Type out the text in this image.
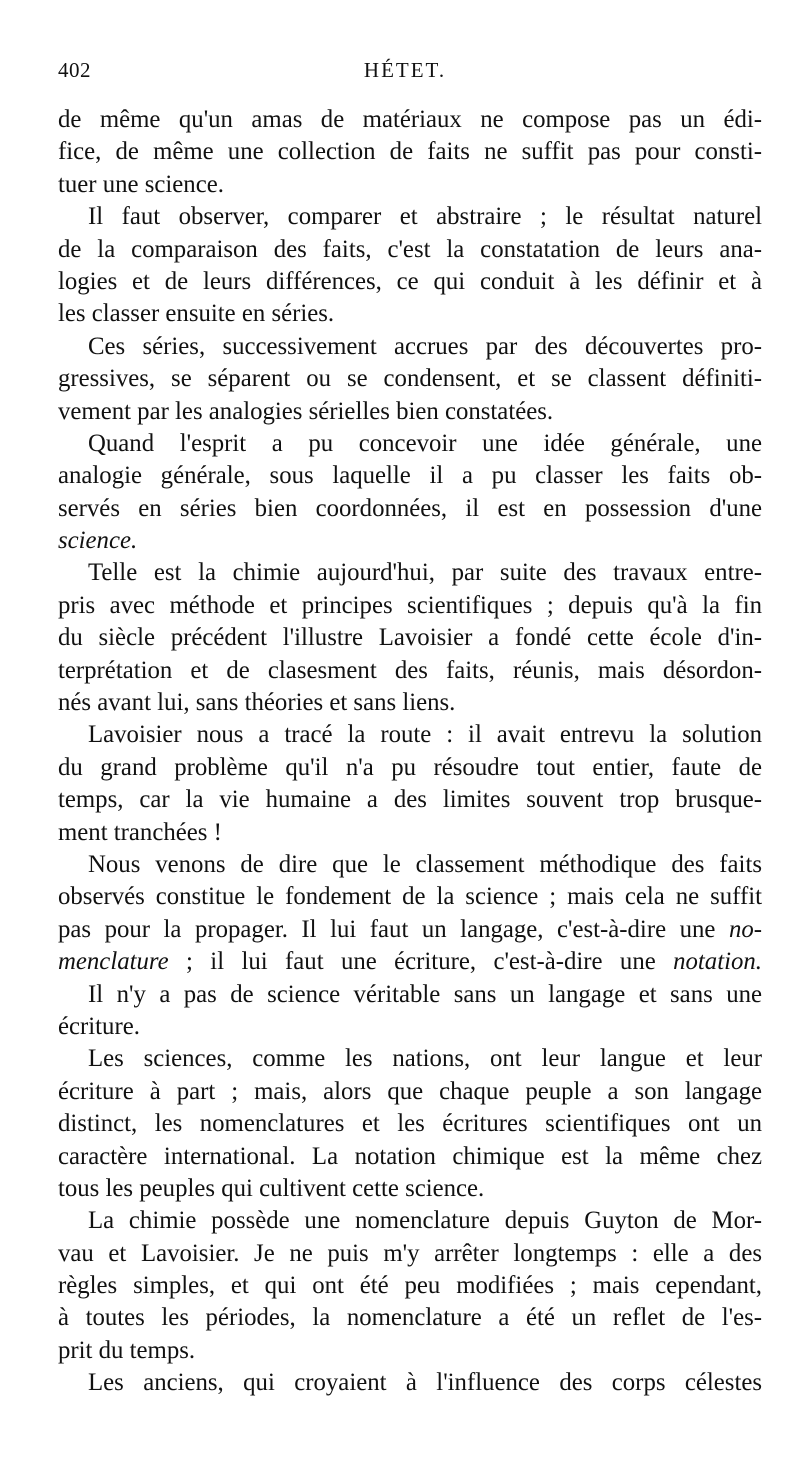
402	HÉTET.
de même qu'un amas de matériaux ne compose pas un édi-
fice, de même une collection de faits ne suffit pas pour consti-
tuer une science.
Il faut observer, comparer et abstraire ; le résultat naturel
de la comparaison des faits, c'est la constatation de leurs ana-
logies et de leurs différences, ce qui conduit à les définir et à
les classer ensuite en séries.
Ces séries, successivement accrues par des découvertes pro-
gressives, se séparent ou se condensent, et se classent définiti-
vement par les analogies sérielles bien constatées.
Quand l'esprit a pu concevoir une idée générale, une
analogie générale, sous laquelle il a pu classer les faits ob-
servés en séries bien coordonnées, il est en possession d'une
science.
Telle est la chimie aujourd'hui, par suite des travaux entre-
pris avec méthode et principes scientifiques ; depuis qu'à la fin
du siècle précédent l'illustre Lavoisier a fondé cette école d'in-
terprétation et de clasesment des faits, réunis, mais désordon-
nés avant lui, sans théories et sans liens.
Lavoisier nous a tracé la route : il avait entrevu la solution
du grand problème qu'il n'a pu résoudre tout entier, faute de
temps, car la vie humaine a des limites souvent trop brusque-
ment tranchées !
Nous venons de dire que le classement méthodique des faits
observés constitue le fondement de la science ; mais cela ne suffit
pas pour la propager. Il lui faut un langage, c'est-à-dire une no-
menclature ; il lui faut une écriture, c'est-à-dire une notation.
Il n'y a pas de science véritable sans un langage et sans une
écriture.
Les sciences, comme les nations, ont leur langue et leur
écriture à part ; mais, alors que chaque peuple a son langage
distinct, les nomenclatures et les écritures scientifiques ont un
caractère international. La notation chimique est la même chez
tous les peuples qui cultivent cette science.
La chimie possède une nomenclature depuis Guyton de Mor-
vau et Lavoisier. Je ne puis m'y arrêter longtemps : elle a des
règles simples, et qui ont été peu modifiées ; mais cependant,
à toutes les périodes, la nomenclature a été un reflet de l'es-
prit du temps.
Les anciens, qui croyaient à l'influence des corps célestes
